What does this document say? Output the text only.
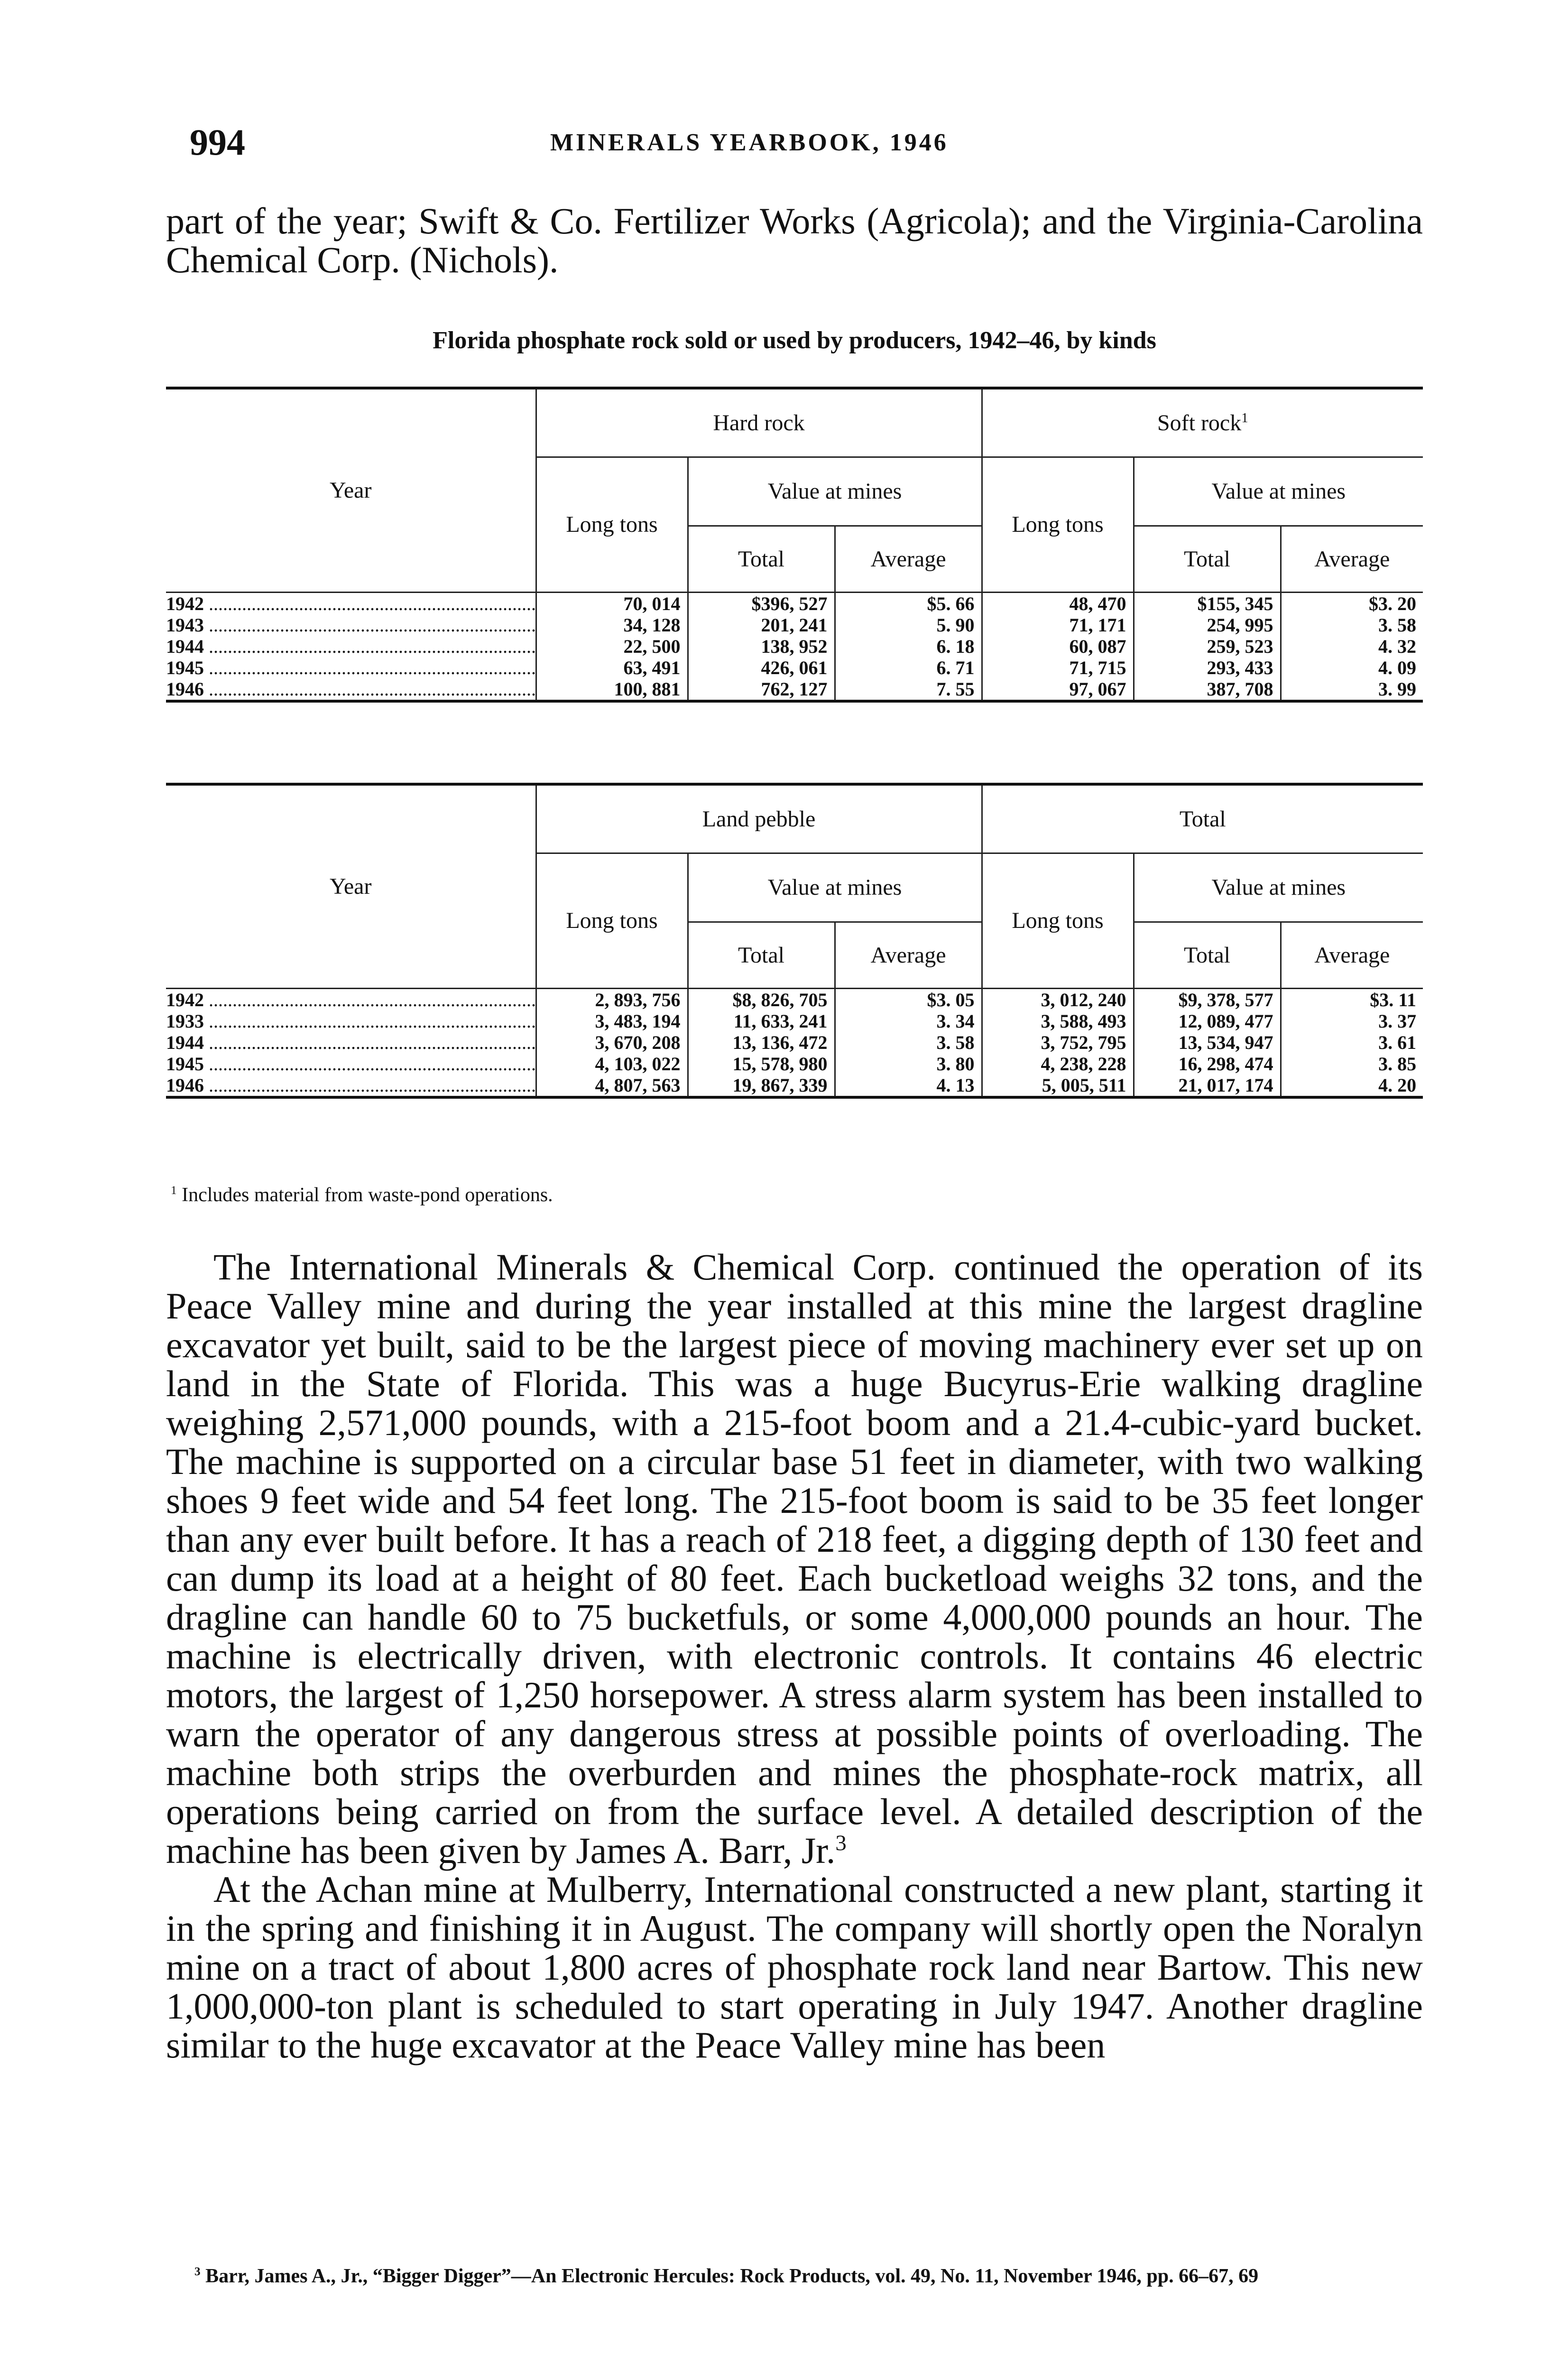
994	MINERALS YEARBOOK, 1946
part of the year; Swift & Co. Fertilizer Works (Agricola); and the Virginia-Carolina Chemical Corp. (Nichols).
Florida phosphate rock sold or used by producers, 1942–46, by kinds
Year	Hard rock			Soft rock$^1$
	Long tons	Value at mines		Long tons	Value at mines	
		Total	Average		Total	Average
1942 .....	70, 014	$396, 527	$5. 66	48, 470	$155, 345	$3. 20
1943 .....	34, 128	201, 241	5. 90	71, 171	254, 995	3. 58
1944 .....	22, 500	138, 952	6. 18	60, 087	259, 523	4. 32
1945 .....	63, 491	426, 061	6. 71	71, 715	293, 433	4. 09
1946 .....	100, 881	762, 127	7. 55	97, 067	387, 708	3. 99
Year	Land pebble			Total		
	Long tons	Value at mines		Long tons	Value at mines	
		Total	Average		Total	Average
1942 .....	2, 893, 756	$8, 826, 705	$3. 05	3, 012, 240	$9, 378, 577	$3. 11
1933 .....	3, 483, 194	11, 633, 241	3. 34	3, 588, 493	12, 089, 477	3. 37
1944 .....	3, 670, 208	13, 136, 472	3. 58	3, 752, 795	13, 534, 947	3. 61
1945 .....	4, 103, 022	15, 578, 980	3. 80	4, 238, 228	16, 298, 474	3. 85
1946 .....	4, 807, 563	19, 867, 339	4. 13	5, 005, 511	21, 017, 174	4. 20
$^1$ Includes material from waste-pond operations.

The International Minerals & Chemical Corp. continued the operation of its Peace Valley mine and during the year installed at this mine the largest dragline excavator yet built, said to be the largest piece of moving machinery ever set up on land in the State of Florida. This was a huge Bucyrus-Erie walking dragline weighing 2,571,000 pounds, with a 215-foot boom and a 21.4-cubic-yard bucket. The machine is supported on a circular base 51 feet in diameter, with two walking shoes 9 feet wide and 54 feet long. The 215-foot boom is said to be 35 feet longer than any ever built before. It has a reach of 218 feet, a digging depth of 130 feet and can dump its load at a height of 80 feet. Each bucketload weighs 32 tons, and the dragline can handle 60 to 75 bucketfuls, or some 4,000,000 pounds an hour. The machine is electrically driven, with electronic controls. It contains 46 electric motors, the largest of 1,250 horsepower. A stress alarm system has been installed to warn the operator of any dangerous stress at possible points of overloading. The machine both strips the overburden and mines the phosphate-rock matrix, all operations being carried on from the surface level. A detailed description of the machine has been given by James A. Barr, Jr.$^3$

At the Achan mine at Mulberry, International constructed a new plant, starting it in the spring and finishing it in August. The company will shortly open the Noralyn mine on a tract of about 1,800 acres of phosphate rock land near Bartow. This new 1,000,000-ton plant is scheduled to start operating in July 1947. Another dragline similar to the huge excavator at the Peace Valley mine has been

$^3$ Barr, James A., Jr., “Bigger Digger”—An Electronic Hercules: Rock Products, vol. 49, No. 11, November 1946, pp. 66–67, 69
